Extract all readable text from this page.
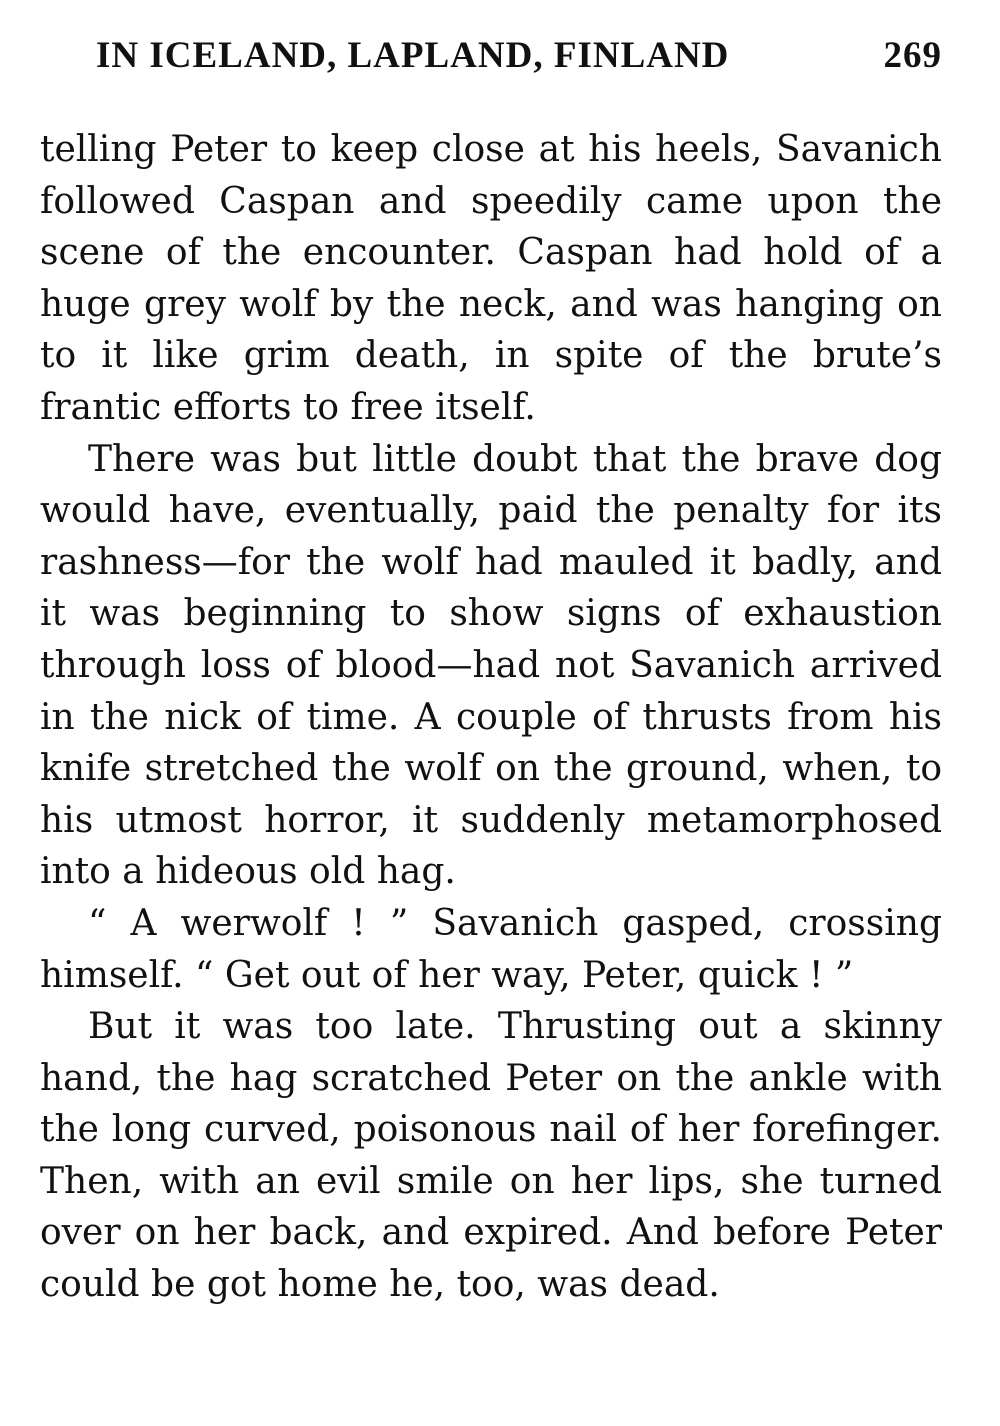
IN ICELAND, LAPLAND, FINLAND	269

telling Peter to keep close at his heels, Savanich followed Caspan and speedily came upon the scene of the encounter. Caspan had hold of a huge grey wolf by the neck, and was hanging on to it like grim death, in spite of the brute’s frantic efforts to free itself.

There was but little doubt that the brave dog would have, eventually, paid the penalty for its rashness—for the wolf had mauled it badly, and it was beginning to show signs of exhaustion through loss of blood—had not Savanich arrived in the nick of time. A couple of thrusts from his knife stretched the wolf on the ground, when, to his utmost horror, it suddenly metamorphosed into a hideous old hag.

“ A werwolf ! ” Savanich gasped, crossing himself. “ Get out of her way, Peter, quick ! ”

But it was too late. Thrusting out a skinny hand, the hag scratched Peter on the ankle with the long curved, poisonous nail of her forefinger. Then, with an evil smile on her lips, she turned over on her back, and expired. And before Peter could be got home he, too, was dead.
